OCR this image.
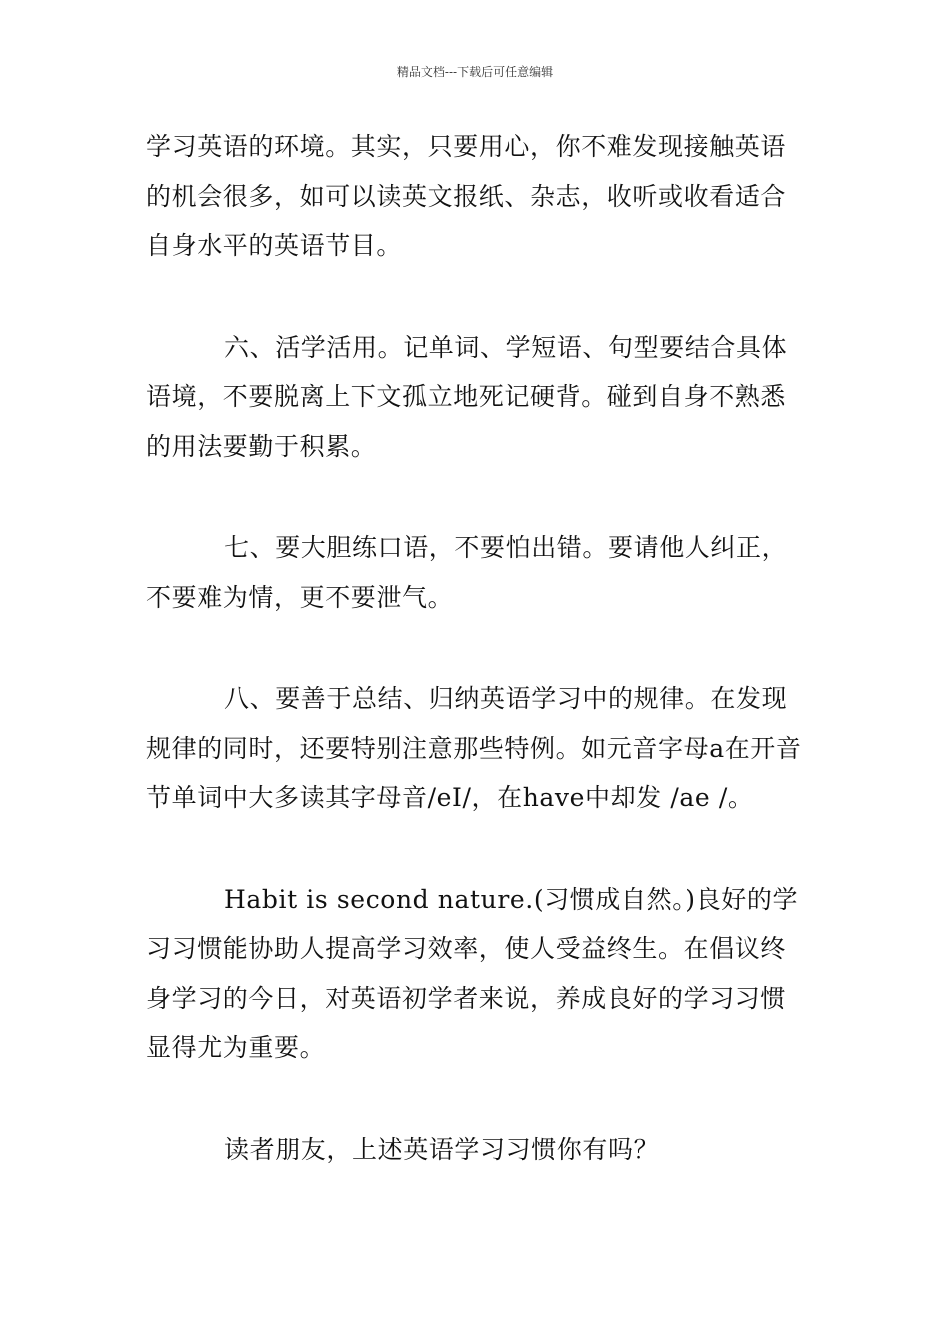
精品文档---下载后可任意编辑

学习英语的环境。其实，只要用心，你不难发现接触英语的机会很多，如可以读英文报纸、杂志，收听或收看适合自身水平的英语节目。

六、活学活用。记单词、学短语、句型要结合具体语境，不要脱离上下文孤立地死记硬背。碰到自身不熟悉的用法要勤于积累。

七、要大胆练口语，不要怕出错。要请他人纠正，不要难为情，更不要泄气。

八、要善于总结、归纳英语学习中的规律。在发现规律的同时，还要特别注意那些特例。如元音字母a在开音节单词中大多读其字母音/eI/，在have中却发 /ae /。

Habit is second nature.(习惯成自然。)良好的学习习惯能协助人提高学习效率，使人受益终生。在倡议终身学习的今日，对英语初学者来说，养成良好的学习习惯显得尤为重要。

读者朋友，上述英语学习习惯你有吗？
